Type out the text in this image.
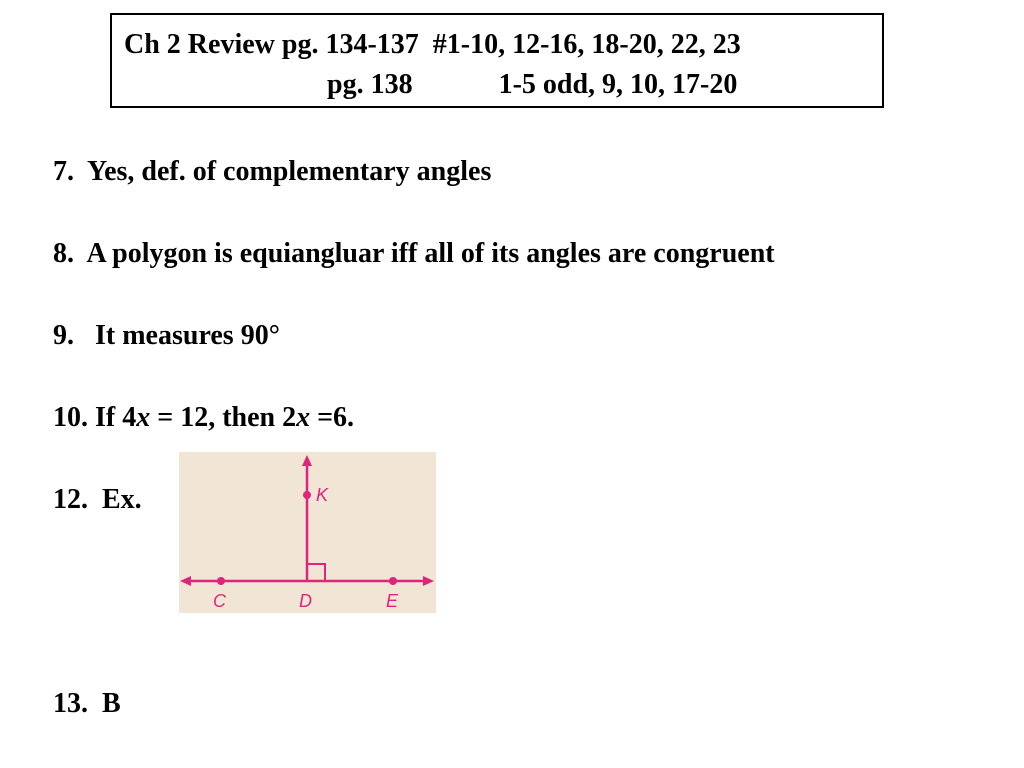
Ch 2 Review pg. 134-137  #1-10, 12-16, 18-20, 22, 23
pg. 138	1-5 odd, 9, 10, 17-20
7.  Yes, def. of complementary angles
8.  A polygon is equiangluar iff all of its angles are congruent
9.   It measures 90°
10. If 4x = 12, then 2x =6.
12.  Ex.
13.  B
K
C	D	E
